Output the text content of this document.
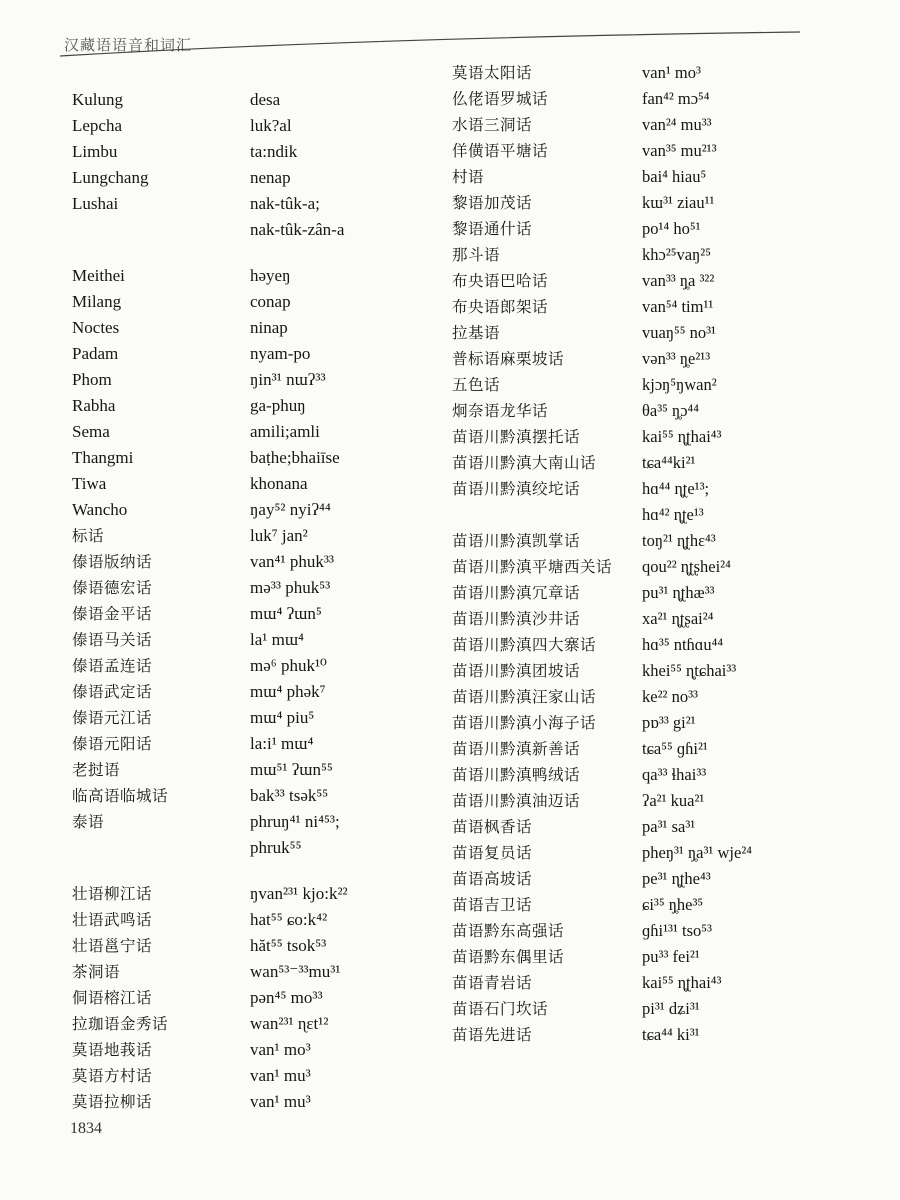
汉藏语语音和词汇
Kulung	desa
Lepcha	luk?al
Limbu	ta:ndik
Lungchang	nenap
Lushai	nak-tûk-a;
nak-tûk-zân-a
Meithei	həyeŋ
Milang	conap
Noctes	ninap
Padam	nyam-po
Phom	ŋin³¹ nɯʔ³³
Rabha	ga-phuŋ
Sema	amili;amli
Thangmi	baṭhe;bhaiīse
Tiwa	khonana
Wancho	ŋay⁵² nyiʔ⁴⁴
标话	luk⁷ jan²
傣语版纳话	van⁴¹ phuk³³
傣语德宏话	mə³³ phuk⁵³
傣语金平话	mɯ⁴ ʔɯn⁵
傣语马关话	la¹ mɯ⁴
傣语孟连话	mə⁶ phuk¹⁰
傣语武定话	mɯ⁴ phək⁷
傣语元江话	mɯ⁴ piu⁵
傣语元阳话	la:i¹ mɯ⁴
老挝语	mɯ⁵¹ ʔɯn⁵⁵
临高语临城话	bak³³ tsək⁵⁵
泰语	phruŋ⁴¹ ni⁴⁵³;
phruk⁵⁵
壮语柳江话	ŋvan²³¹ kjo:k²²
壮语武鸣话	hat⁵⁵ ɕo:k⁴²
壮语邕宁话	hăt⁵⁵ tsok⁵³
茶洞语	wan⁵³⁻³³mu³¹
侗语榕江话	pən⁴⁵ mo³³
拉珈语金秀话	wan²³¹ ɳɛt¹²
莫语地莪话	van¹ mo³
莫语方村话	van¹ mu³
莫语拉柳话	van¹ mu³
莫语太阳话	van¹ mo³
仫佬语罗城话	fan⁴² mɔ⁵⁴
水语三洞话	van²⁴ mu³³
佯僙语平塘话	van³⁵ mu²¹³
村语	bai⁴ hiau⁵
黎语加茂话	kɯ³¹ ziau¹¹
黎语通什话	po¹⁴ ho⁵¹
那斗语	khɔ²⁵vaŋ²⁵
布央语巴哈话	van³³ ŋ̥a ³²²
布央语郎架话	van⁵⁴ tim¹¹
拉基语	vuaŋ⁵⁵ no³¹
普标语麻栗坡话	vən³³ ŋ̥e²¹³
五色话	kjɔŋ⁵ŋwan²
炯奈语龙华话	θa³⁵ ŋ̥ɔ⁴⁴
苗语川黔滇摆托话	kai⁵⁵ ɳ̥ʈhai⁴³
苗语川黔滇大南山话	tɕa⁴⁴ki²¹
苗语川黔滇绞坨话	hɑ⁴⁴ ɳ̥ʈe¹³;
hɑ⁴² ɳ̥ʈe¹³
苗语川黔滇凯掌话	toŋ²¹ ɳ̥ʈhɛ⁴³
苗语川黔滇平塘西关话	qou²² ɳ̥ʈʂhei²⁴
苗语川黔滇冗章话	pu³¹ ɳ̥ʈhæ³³
苗语川黔滇沙井话	xa²¹ ɳ̥ʈʂai²⁴
苗语川黔滇四大寨话	hɑ³⁵ ntɦɑu⁴⁴
苗语川黔滇团坡话	khei⁵⁵ ɳ̥tɕhai³³
苗语川黔滇汪家山话	ke²² no³³
苗语川黔滇小海子话	pɒ³³ gi²¹
苗语川黔滇新善话	tɕa⁵⁵ ɡɦi²¹
苗语川黔滇鸭绒话	qa³³ ɬhai³³
苗语川黔滇油迈话	ʔa²¹ kua²¹
苗语枫香话	pa³¹ sa³¹
苗语复员话	pheŋ³¹ ŋ̥a³¹ wje²⁴
苗语高坡话	pe³¹ ɳ̥ʈhe⁴³
苗语吉卫话	ɕi³⁵ ŋ̥he³⁵
苗语黔东高强话	ɡɦi¹³¹ tso⁵³
苗语黔东偶里话	pu³³ fei²¹
苗语青岩话	kai⁵⁵ ɳ̥ʈhai⁴³
苗语石门坎话	pi³¹ dʑi³¹
苗语先进话	tɕa⁴⁴ ki³¹
1834
